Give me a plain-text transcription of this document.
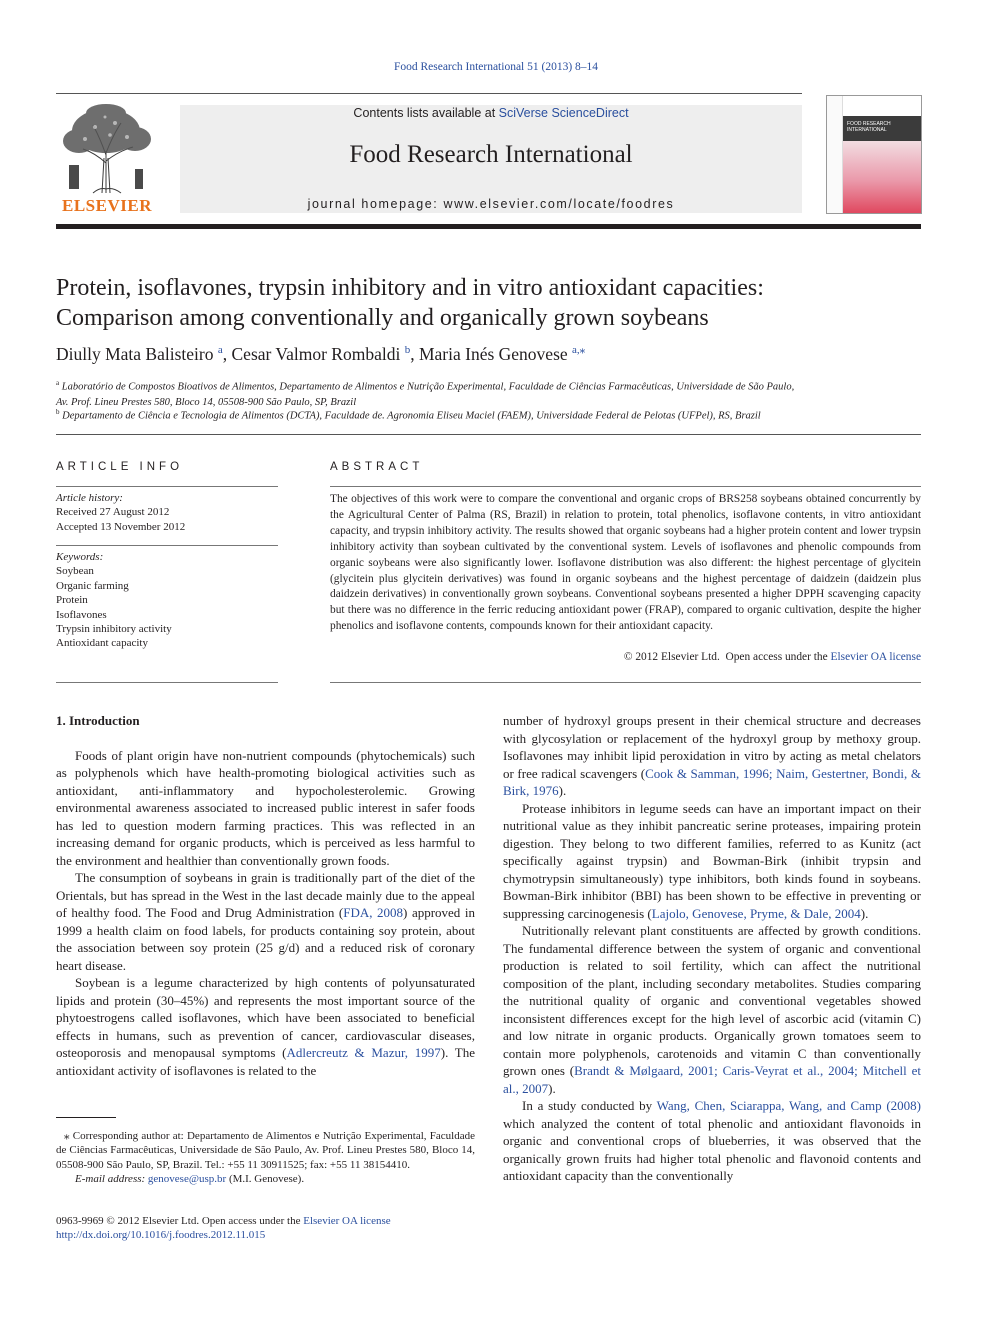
Food Research International 51 (2013) 8–14
ELSEVIER
Contents lists available at SciVerse ScienceDirect
Food Research International
journal homepage: www.elsevier.com/locate/foodres
FOOD RESEARCH INTERNATIONAL
Protein, isoflavones, trypsin inhibitory and in vitro antioxidant capacities:
Comparison among conventionally and organically grown soybeans
Diully Mata Balisteiro $^a$, Cesar Valmor Rombaldi $^b$, Maria Inés Genovese $^{a,⁎}$
$^a$ Laboratório de Compostos Bioativos de Alimentos, Departamento de Alimentos e Nutrição Experimental, Faculdade de Ciências Farmacêuticas, Universidade de São Paulo,
Av. Prof. Lineu Prestes 580, Bloco 14, 05508-900 São Paulo, SP, Brazil
$^b$ Departamento de Ciência e Tecnologia de Alimentos (DCTA), Faculdade de. Agronomia Eliseu Maciel (FAEM), Universidade Federal de Pelotas (UFPel), RS, Brazil
ARTICLE INFO	ABSTRACT
Article history:
Received 27 August 2012
Accepted 13 November 2012
Keywords:
Soybean
Organic farming
Protein
Isoflavones
Trypsin inhibitory activity
Antioxidant capacity
The objectives of this work were to compare the conventional and organic crops of BRS258 soybeans obtained concurrently by the Agricultural Center of Palma (RS, Brazil) in relation to protein, total phenolics, isoflavone contents, in vitro antioxidant capacity, and trypsin inhibitory activity. The results showed that organic soybeans had a higher protein content and lower trypsin inhibitory activity than soybean cultivated by the conventional system. Levels of isoflavones and phenolic compounds from organic soybeans were also significantly lower. Isoflavone distribution was also different: the highest percentage of glycitein (glycitein plus glycitein derivatives) was found in organic soybeans and the highest percentage of daidzein (daidzein plus daidzein derivatives) in conventionally grown soybeans. Conventional soybeans presented a higher DPPH scavenging capacity but there was no difference in the ferric reducing antioxidant power (FRAP), compared to organic cultivation, despite the higher phenolics and isoflavone contents, compounds known for their antioxidant capacity.
© 2012 Elsevier Ltd. Open access under the Elsevier OA license
1. Introduction

Foods of plant origin have non-nutrient compounds (phytochemicals) such as polyphenols which have health-promoting biological activities such as antioxidant, anti-inflammatory and hypocholesterolemic. Growing environmental awareness associated to increased public interest in safer foods has led to question modern farming practices. This was reflected in an increasing demand for organic products, which is perceived as less harmful to the environment and healthier than conventionally grown foods.

The consumption of soybeans in grain is traditionally part of the diet of the Orientals, but has spread in the West in the last decade mainly due to the appeal of healthy food. The Food and Drug Administration (FDA, 2008) approved in 1999 a health claim on food labels, for products containing soy protein, about the association between soy protein (25 g/d) and a reduced risk of coronary heart disease.

Soybean is a legume characterized by high contents of polyunsaturated lipids and protein (30–45%) and represents the most important source of the phytoestrogens called isoflavones, which have been associated to beneficial effects in humans, such as prevention of cancer, cardiovascular diseases, osteoporosis and menopausal symptoms (Adlercreutz & Mazur, 1997). The antioxidant activity of isoflavones is related to the

number of hydroxyl groups present in their chemical structure and decreases with glycosylation or replacement of the hydroxyl group by methoxy group. Isoflavones may inhibit lipid peroxidation in vitro by acting as metal chelators or free radical scavengers (Cook & Samman, 1996; Naim, Gestertner, Bondi, & Birk, 1976).

Protease inhibitors in legume seeds can have an important impact on their nutritional value as they inhibit pancreatic serine proteases, impairing protein digestion. They belong to two different families, referred to as Kunitz (act specifically against trypsin) and Bowman-Birk (inhibit trypsin and chymotrypsin simultaneously) type inhibitors, both kinds found in soybeans. Bowman-Birk inhibitor (BBI) has been shown to be effective in preventing or suppressing carcinogenesis (Lajolo, Genovese, Pryme, & Dale, 2004).

Nutritionally relevant plant constituents are affected by growth conditions. The fundamental difference between the system of organic and conventional production is related to soil fertility, which can affect the nutritional composition of the plant, including secondary metabolites. Studies comparing the nutritional quality of organic and conventional vegetables showed inconsistent differences except for the high level of ascorbic acid (vitamin C) and low nitrate in organic products. Organically grown tomatoes seem to contain more polyphenols, carotenoids and vitamin C than conventionally grown ones (Brandt & Mølgaard, 2001; Caris-Veyrat et al., 2004; Mitchell et al., 2007).

In a study conducted by Wang, Chen, Sciarappa, Wang, and Camp (2008) which analyzed the content of total phenolic and antioxidant flavonoids in organic and conventional crops of blueberries, it was observed that the organically grown fruits had higher total phenolic and flavonoid contents and antioxidant capacity than the conventionally

⁎ Corresponding author at: Departamento de Alimentos e Nutrição Experimental, Faculdade de Ciências Farmacêuticas, Universidade de São Paulo, Av. Prof. Lineu Prestes 580, Bloco 14, 05508-900 São Paulo, SP, Brazil. Tel.: +55 11 30911525; fax: +55 11 38154410.
E-mail address: genovese@usp.br (M.I. Genovese).
0963-9969 © 2012 Elsevier Ltd. Open access under the Elsevier OA license
http://dx.doi.org/10.1016/j.foodres.2012.11.015
